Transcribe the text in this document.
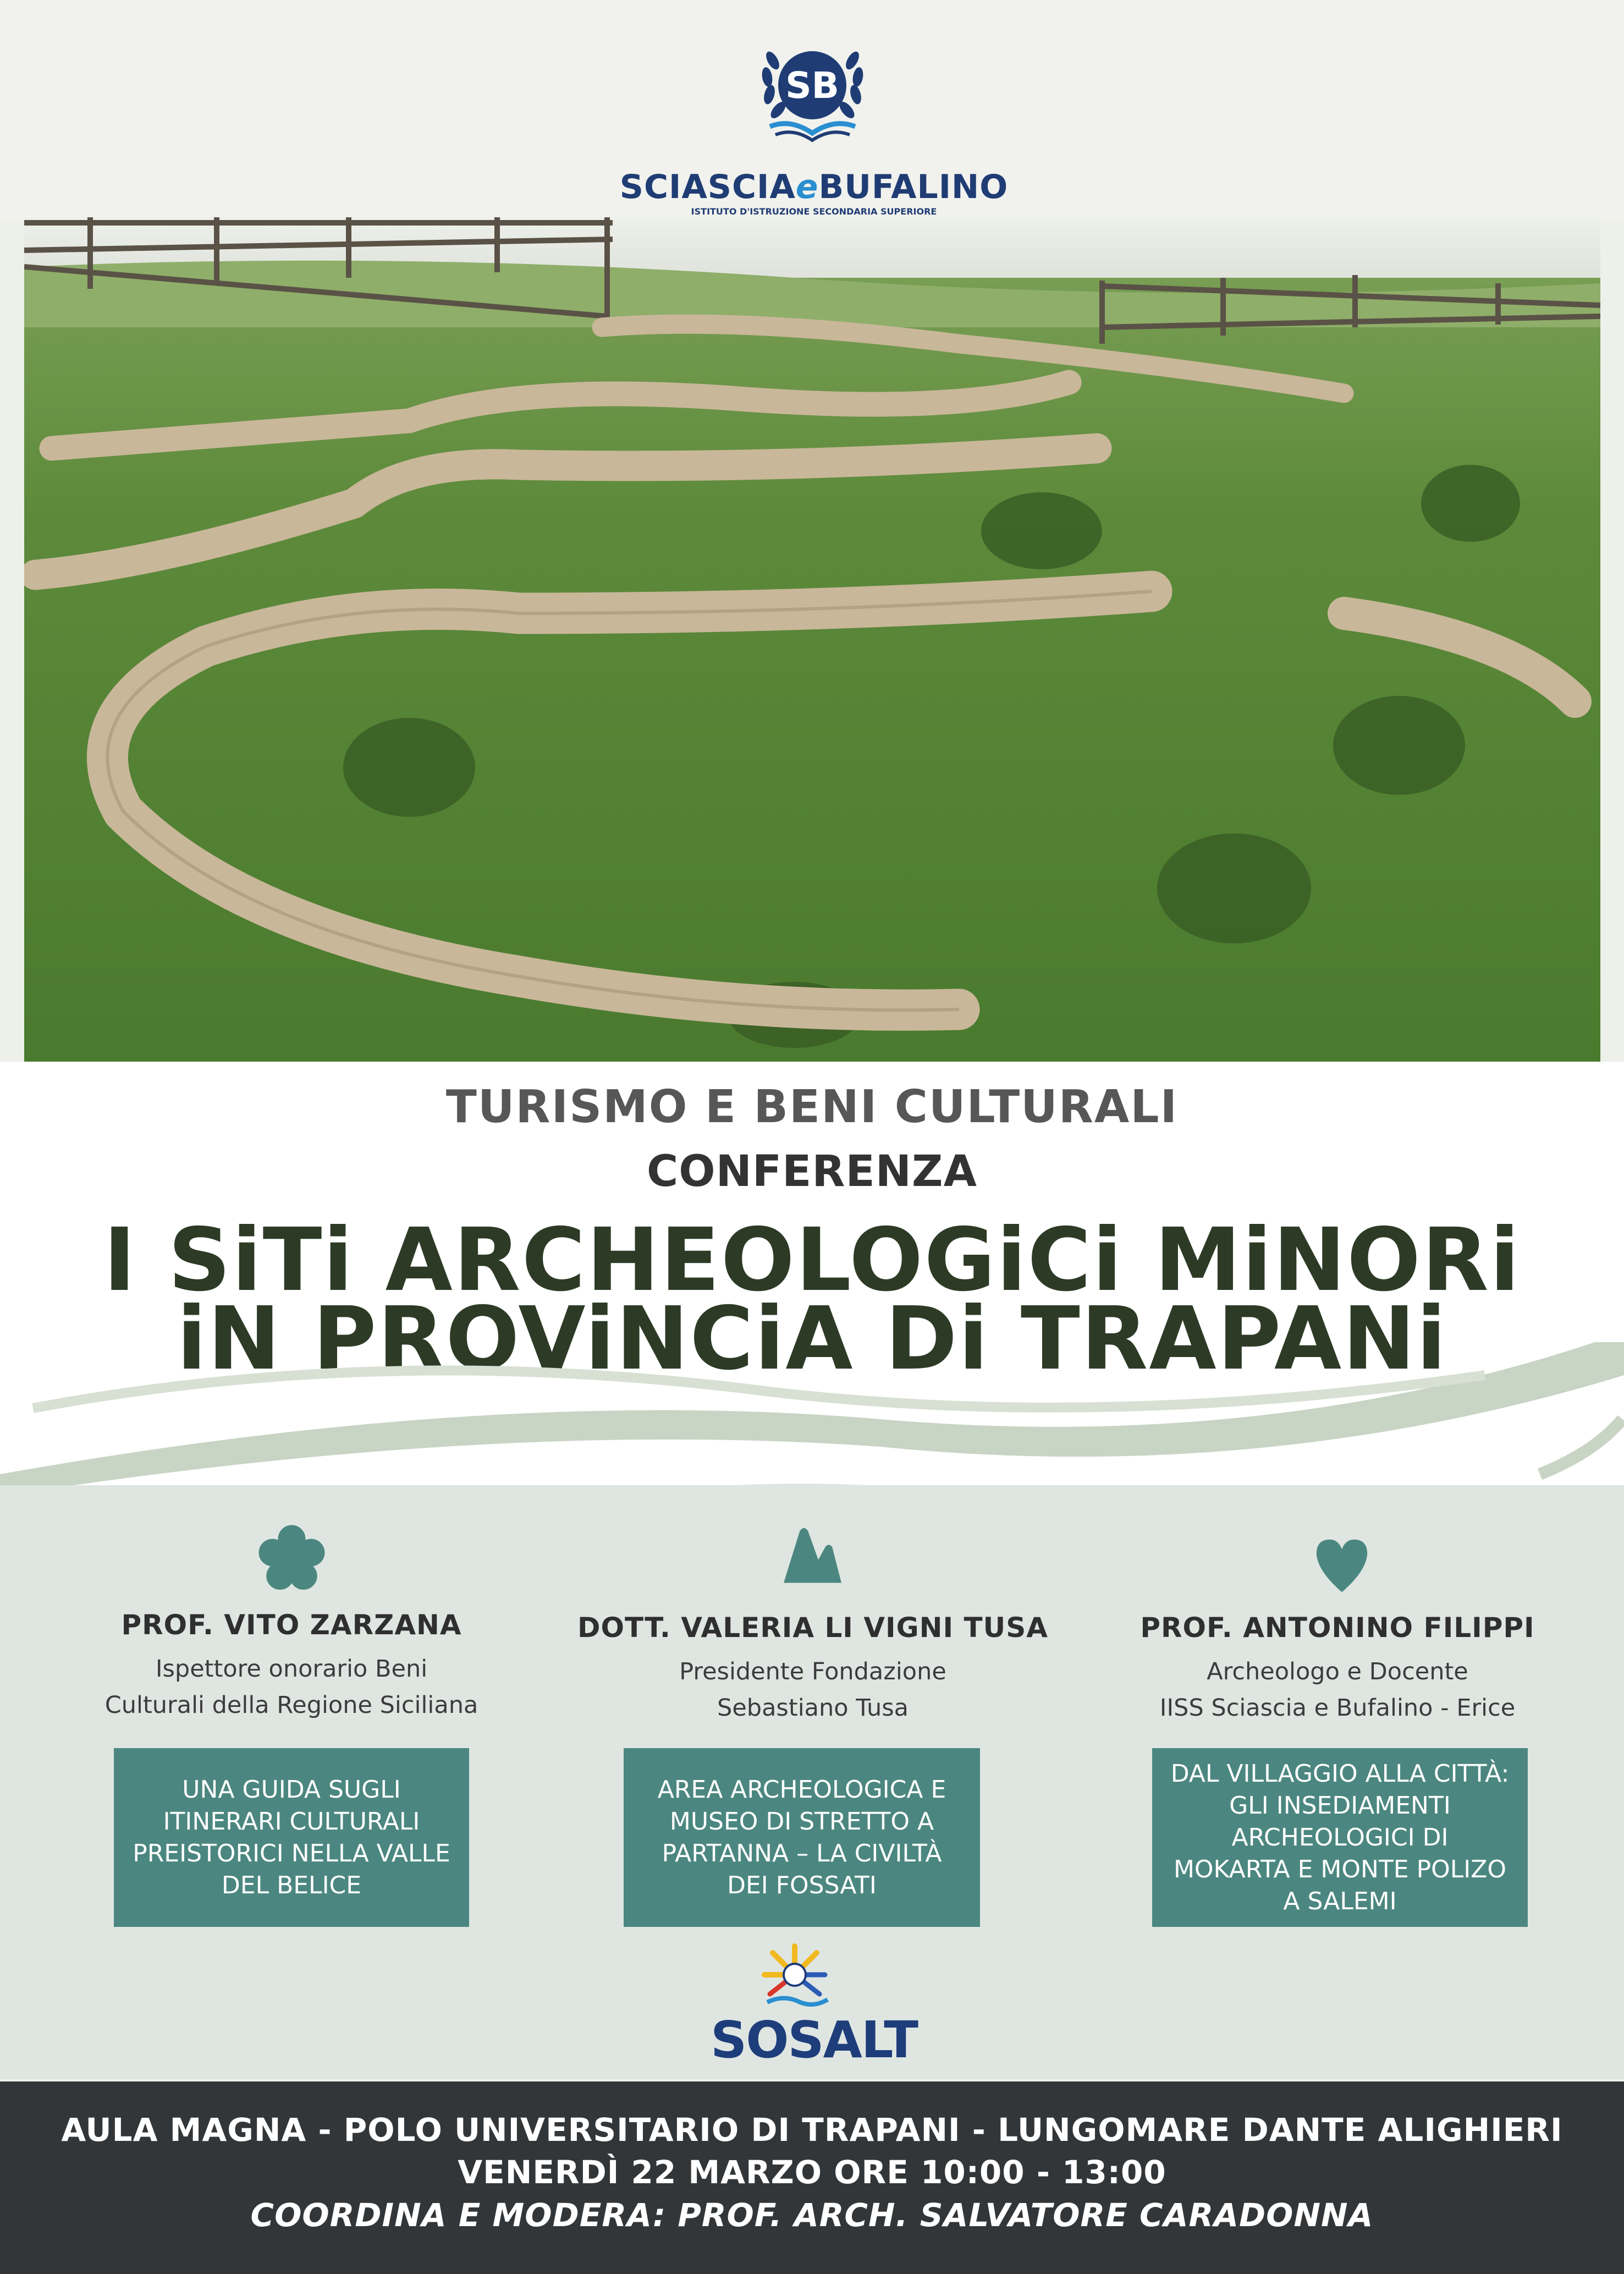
SB
SCIASCIAeBUFALINO
ISTITUTO D'ISTRUZIONE SECONDARIA SUPERIORE
TURISMO E BENI CULTURALI
CONFERENZA
I SiTi ARCHEOLOGiCi MiNORi
iN PROViNCiA Di TRAPANi
PROF. VITO ZARZANA
Ispettore onorario Beni
Culturali della Regione Siciliana
UNA GUIDA SUGLI
ITINERARI CULTURALI
PREISTORICI NELLA VALLE
DEL BELICE
DOTT. VALERIA LI VIGNI TUSA
Presidente Fondazione
Sebastiano Tusa
AREA ARCHEOLOGICA E
MUSEO DI STRETTO A
PARTANNA – LA CIVILTÀ
DEI FOSSATI
PROF. ANTONINO FILIPPI
Archeologo e Docente
IISS Sciascia e Bufalino - Erice
DAL VILLAGGIO ALLA CITTÀ:
GLI INSEDIAMENTI
ARCHEOLOGICI DI
MOKARTA E MONTE POLIZO
A SALEMI
SOSALT
AULA MAGNA - POLO UNIVERSITARIO DI TRAPANI - LUNGOMARE DANTE ALIGHIERI
VENERDÌ 22 MARZO ORE 10:00 - 13:00
COORDINA E MODERA: PROF. ARCH. SALVATORE CARADONNA
